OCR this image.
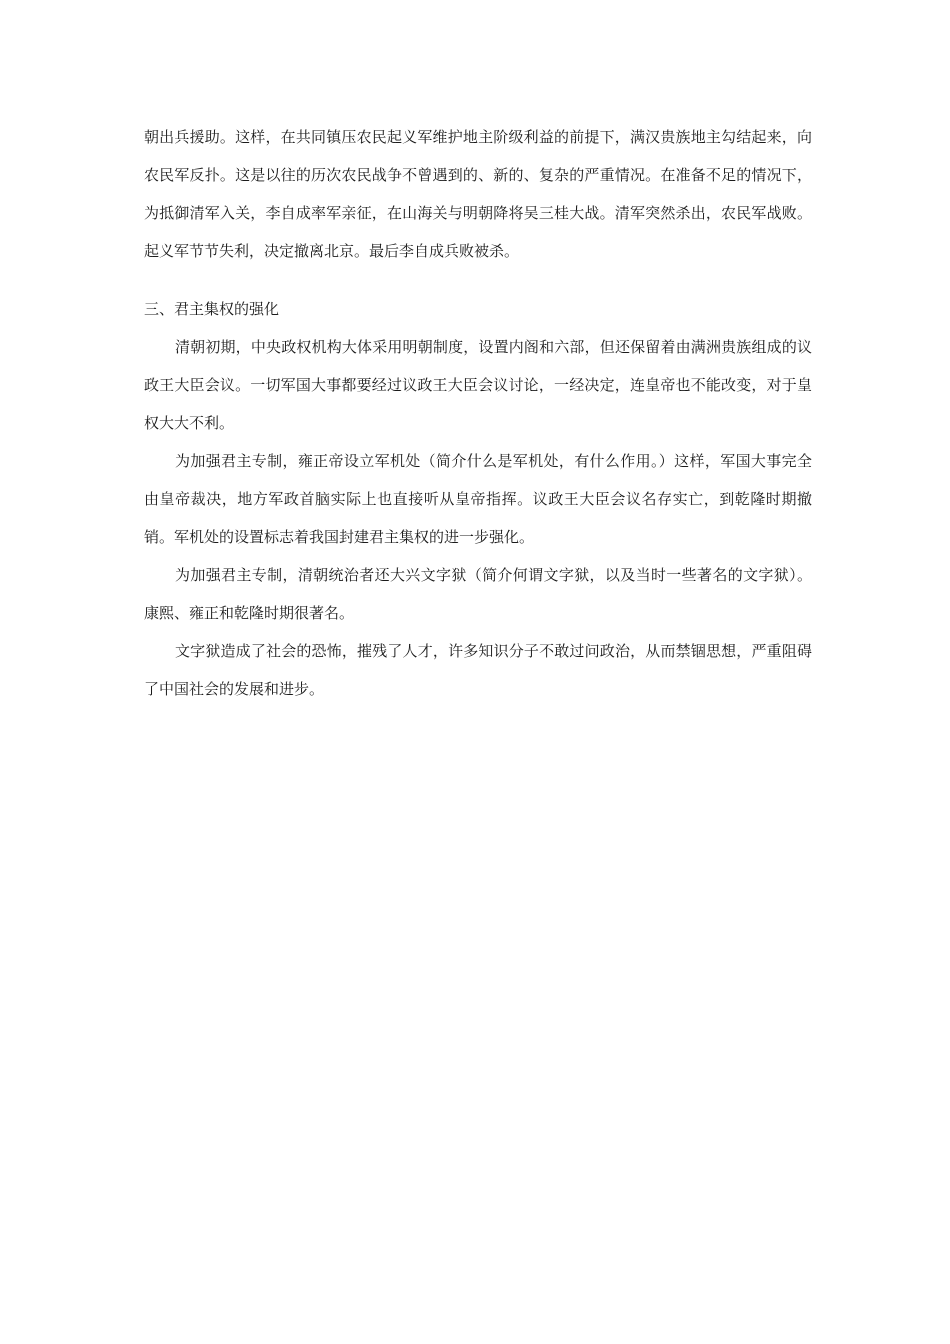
朝出兵援助。这样，在共同镇压农民起义军维护地主阶级利益的前提下，满汉贵族地主勾结起来，向农民军反扑。这是以往的历次农民战争不曾遇到的、新的、复杂的严重情况。在准备不足的情况下，为抵御清军入关，李自成率军亲征，在山海关与明朝降将吴三桂大战。清军突然杀出，农民军战败。起义军节节失利，决定撤离北京。最后李自成兵败被杀。

三、君主集权的强化

清朝初期，中央政权机构大体采用明朝制度，设置内阁和六部，但还保留着由满洲贵族组成的议政王大臣会议。一切军国大事都要经过议政王大臣会议讨论，一经决定，连皇帝也不能改变，对于皇权大大不利。

为加强君主专制，雍正帝设立军机处（简介什么是军机处，有什么作用。）这样，军国大事完全由皇帝裁决，地方军政首脑实际上也直接听从皇帝指挥。议政王大臣会议名存实亡，到乾隆时期撤销。军机处的设置标志着我国封建君主集权的进一步强化。

为加强君主专制，清朝统治者还大兴文字狱（简介何谓文字狱，以及当时一些著名的文字狱）。康熙、雍正和乾隆时期很著名。

文字狱造成了社会的恐怖，摧残了人才，许多知识分子不敢过问政治，从而禁锢思想，严重阻碍了中国社会的发展和进步。
